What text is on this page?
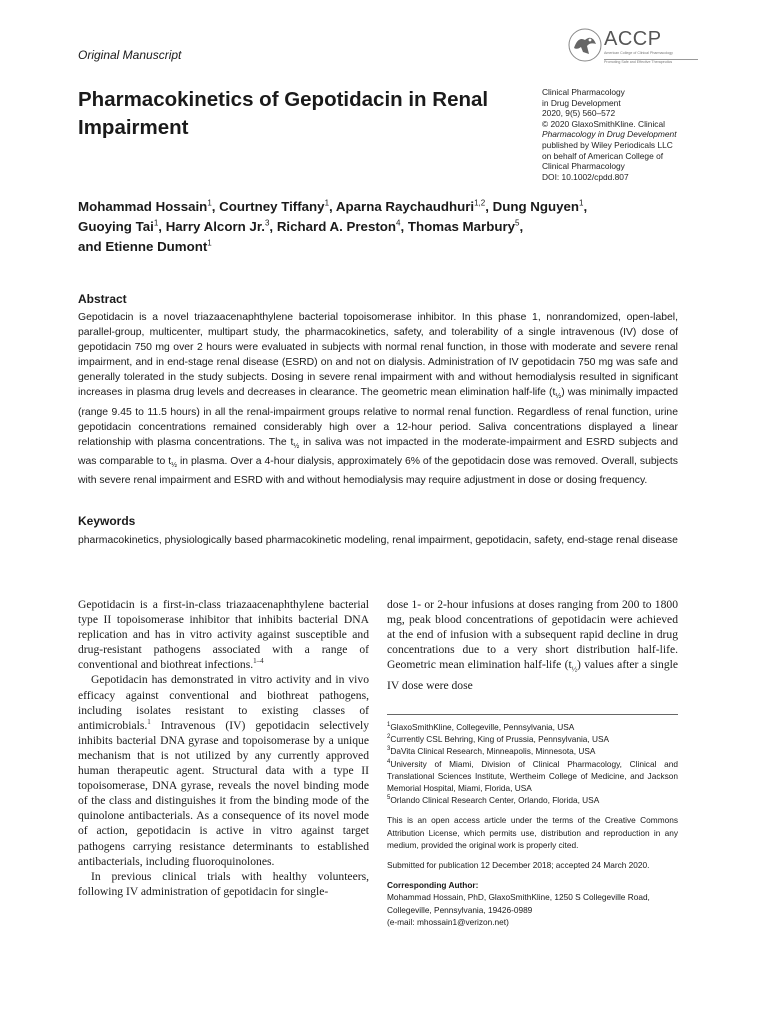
Original Manuscript
ACCP
American College of Clinical Pharmacology
Promoting Safe and Effective Therapeutics
Pharmacokinetics of Gepotidacin in Renal Impairment
Clinical Pharmacology
in Drug Development
2020, 9(5) 560–572
© 2020 GlaxoSmithKline. Clinical
Pharmacology in Drug Development
published by Wiley Periodicals LLC
on behalf of American College of
Clinical Pharmacology
DOI: 10.1002/cpdd.807
Mohammad Hossain$^1$, Courtney Tiffany$^1$, Aparna Raychaudhuri$^{1,2}$, Dung Nguyen$^1$,
Guoying Tai$^1$, Harry Alcorn Jr.$^3$, Richard A. Preston$^4$, Thomas Marbury$^5$,
and Etienne Dumont$^1$
Abstract
Gepotidacin is a novel triazaacenaphthylene bacterial topoisomerase inhibitor. In this phase 1, nonrandomized, open-label, parallel-group, multicenter, multipart study, the pharmacokinetics, safety, and tolerability of a single intravenous (IV) dose of gepotidacin 750 mg over 2 hours were evaluated in subjects with normal renal function, in those with moderate and severe renal impairment, and in end-stage renal disease (ESRD) on and not on dialysis. Administration of IV gepotidacin 750 mg was safe and generally tolerated in the study subjects. Dosing in severe renal impairment with and without hemodialysis resulted in significant increases in plasma drug levels and decreases in clearance. The geometric mean elimination half-life $(t_{\frac{1}{2}})$ was minimally impacted (range 9.45 to 11.5 hours) in all the renal-impairment groups relative to normal renal function. Regardless of renal function, urine gepotidacin concentrations remained considerably high over a 12-hour period. Saliva concentrations displayed a linear relationship with plasma concentrations. The $t_{\frac{1}{2}}$ in saliva was not impacted in the moderate-impairment and ESRD subjects and was comparable to $t_{\frac{1}{2}}$ in plasma. Over a 4-hour dialysis, approximately 6% of the gepotidacin dose was removed. Overall, subjects with severe renal impairment and ESRD with and without hemodialysis may require adjustment in dose or dosing frequency.
Keywords
pharmacokinetics, physiologically based pharmacokinetic modeling, renal impairment, gepotidacin, safety, end-stage renal disease

Gepotidacin is a first-in-class triazaacenaphthylene bacterial type II topoisomerase inhibitor that inhibits bacterial DNA replication and has in vitro activity against susceptible and drug-resistant pathogens associated with a range of conventional and biothreat infections.$^{1-4}$

Gepotidacin has demonstrated in vitro activity and in vivo efficacy against conventional and biothreat pathogens, including isolates resistant to existing classes of antimicrobials.$^1$ Intravenous (IV) gepotidacin selectively inhibits bacterial DNA gyrase and topoisomerase by a unique mechanism that is not utilized by any currently approved human therapeutic agent. Structural data with a type II topoisomerase, DNA gyrase, reveals the novel binding mode of the class and distinguishes it from the binding mode of the quinolone antibacterials. As a consequence of its novel mode of action, gepotidacin is active in vitro against target pathogens carrying resistance determinants to established antibacterials, including fluoroquinolones.

In previous clinical trials with healthy volunteers, following IV administration of gepotidacin for single-

dose 1- or 2-hour infusions at doses ranging from 200 to 1800 mg, peak blood concentrations of gepotidacin were achieved at the end of infusion with a subsequent rapid decline in drug concentrations due to a very short distribution half-life. Geometric mean elimination half-life $(t_{\frac{1}{2}})$ values after a single IV dose were dose

$^1$GlaxoSmithKline, Collegeville, Pennsylvania, USA
$^2$Currently CSL Behring, King of Prussia, Pennsylvania, USA
$^3$DaVita Clinical Research, Minneapolis, Minnesota, USA
$^4$University of Miami, Division of Clinical Pharmacology, Clinical and Translational Sciences Institute, Wertheim College of Medicine, and Jackson Memorial Hospital, Miami, Florida, USA
$^5$Orlando Clinical Research Center, Orlando, Florida, USA
This is an open access article under the terms of the Creative Commons Attribution License, which permits use, distribution and reproduction in any medium, provided the original work is properly cited.
Submitted for publication 12 December 2018; accepted 24 March 2020.
Corresponding Author:
Mohammad Hossain, PhD, GlaxoSmithKline, 1250 S Collegeville Road, Collegeville, Pennsylvania, 19426-0989
(e-mail: mhossain1@verizon.net)
